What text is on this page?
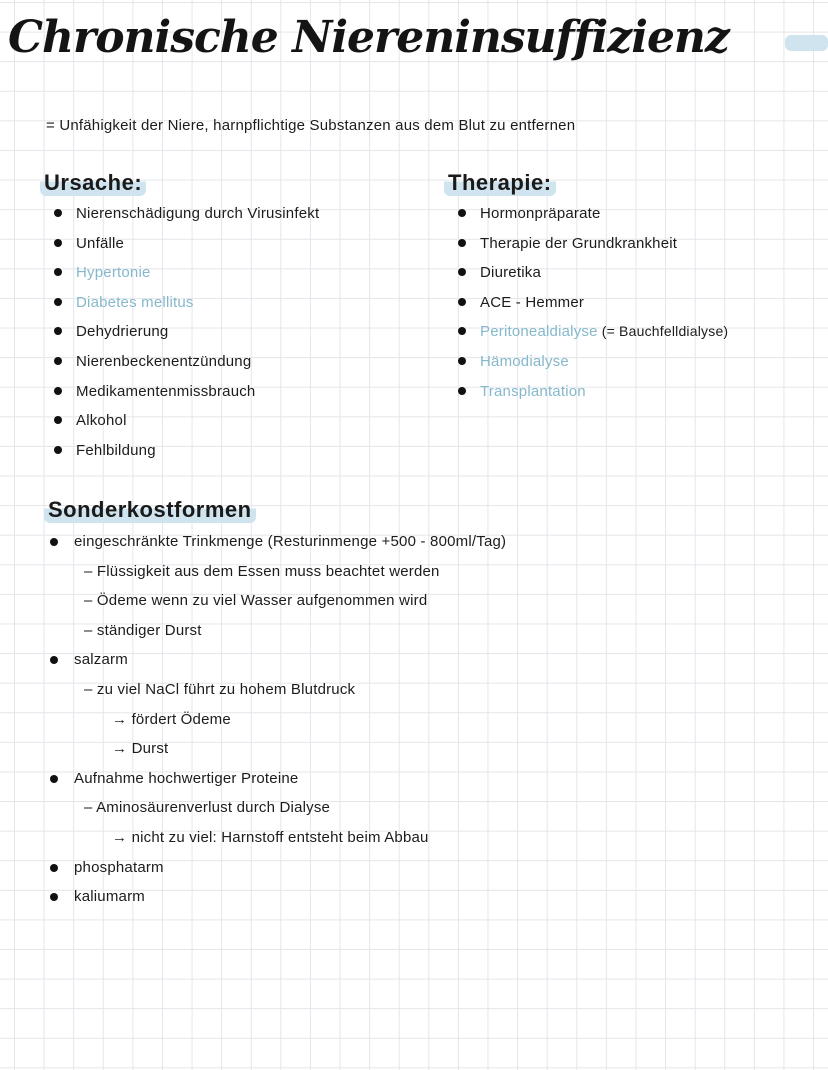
Chronische Niereninsuffizienz
= Unfähigkeit der Niere, harnpflichtige Substanzen aus dem Blut zu entfernen
Ursache:
Nierenschädigung durch Virusinfekt
Unfälle
Hypertonie
Diabetes mellitus
Dehydrierung
Nierenbeckenentzündung
Medikamentenmissbrauch
Alkohol
Fehlbildung
Therapie:
Hormonpräparate
Therapie der Grundkrankheit
Diuretika
ACE - Hemmer
Peritonealdialyse (= Bauchfelldialyse)
Hämodialyse
Transplantation
Sonderkostformen
eingeschränkte Trinkmenge (Resturinmenge +500 - 800ml/Tag)
– Flüssigkeit aus dem Essen muss beachtet werden
– Ödeme wenn zu viel Wasser aufgenommen wird
– ständiger Durst
salzarm
– zu viel NaCl führt zu hohem Blutdruck
→ fördert Ödeme
→ Durst
Aufnahme hochwertiger Proteine
– Aminosäurenverlust durch Dialyse
→ nicht zu viel: Harnstoff entsteht beim Abbau
phosphatarm
kaliumarm
